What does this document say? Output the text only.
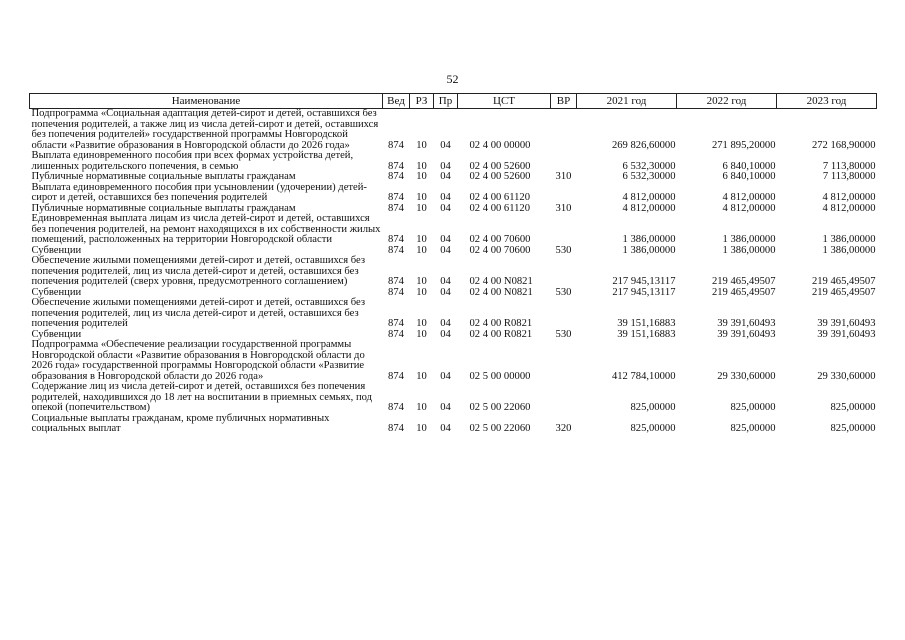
52
Наименование	Вед	РЗ	Пр	ЦСТ	ВР	2021 год	2022 год	2023 год
Подпрограмма «Социальная адаптация детей-сирот и детей, оставшихся без попечения родителей, а также лиц из числа детей-сирот и детей, оставшихся без попечения родителей» государственной программы Новгородской области «Развитие образования в Новгородской области до 2026 года»	874	10	04	02 4 00 00000		269 826,60000	271 895,20000	272 168,90000
Выплата единовременного пособия при всех формах устройства детей, лишенных родительского попечения, в семью	874	10	04	02 4 00 52600		6 532,30000	6 840,10000	7 113,80000
Публичные нормативные социальные выплаты гражданам	874	10	04	02 4 00 52600	310	6 532,30000	6 840,10000	7 113,80000
Выплата единовременного пособия при усыновлении (удочерении) детей-сирот и детей, оставшихся без попечения родителей	874	10	04	02 4 00 61120		4 812,00000	4 812,00000	4 812,00000
Публичные нормативные социальные выплаты гражданам	874	10	04	02 4 00 61120	310	4 812,00000	4 812,00000	4 812,00000
Единовременная выплата лицам из числа детей-сирот и детей, оставшихся без попечения родителей, на ремонт находящихся в их собственности жилых помещений, расположенных на территории Новгородской области	874	10	04	02 4 00 70600		1 386,00000	1 386,00000	1 386,00000
Субвенции	874	10	04	02 4 00 70600	530	1 386,00000	1 386,00000	1 386,00000
Обеспечение жилыми помещениями детей-сирот и детей, оставшихся без попечения родителей, лиц из числа детей-сирот и детей, оставшихся без попечения родителей (сверх уровня, предусмотренного соглашением)	874	10	04	02 4 00 N0821		217 945,13117	219 465,49507	219 465,49507
Субвенции	874	10	04	02 4 00 N0821	530	217 945,13117	219 465,49507	219 465,49507
Обеспечение жилыми помещениями детей-сирот и детей, оставшихся без попечения родителей, лиц из числа детей-сирот и детей, оставшихся без попечения родителей	874	10	04	02 4 00 R0821		39 151,16883	39 391,60493	39 391,60493
Субвенции	874	10	04	02 4 00 R0821	530	39 151,16883	39 391,60493	39 391,60493
Подпрограмма «Обеспечение реализации государственной программы Новгородской области «Развитие образования в Новгородской области до 2026 года» государственной программы Новгородской области «Развитие образования в Новгородской области до 2026 года»	874	10	04	02 5 00 00000		412 784,10000	29 330,60000	29 330,60000
Содержание лиц из числа детей-сирот и детей, оставшихся без попечения родителей, находившихся до 18 лет на воспитании в приемных семьях, под опекой (попечительством)	874	10	04	02 5 00 22060		825,00000	825,00000	825,00000
Социальные выплаты гражданам, кроме публичных нормативных социальных выплат	874	10	04	02 5 00 22060	320	825,00000	825,00000	825,00000
